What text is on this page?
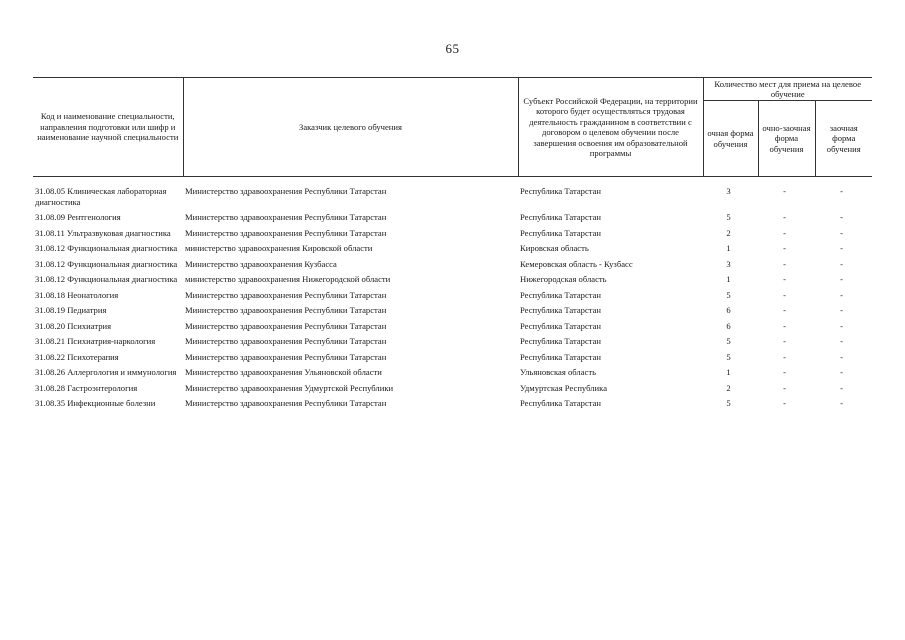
65
Код и наименование специальности, направления подготовки или шифр и наименование научной специальности	Заказчик целевого обучения	Субъект Российской Федерации, на территории которого будет осуществляться трудовая деятельность гражданином в соответствии с договором о целевом обучении после завершения освоения им образовательной программы	Количество мест для приема на целевое обучение		
			очная форма обучения	очно-заочная форма обучения	заочная форма обучения

31.08.05 Клиническая лабораторная диагностика	Министерство здравоохранения Республики Татарстан	Республика Татарстан	3	-	-
31.08.09 Рентгенология	Министерство здравоохранения Республики Татарстан	Республика Татарстан	5	-	-
31.08.11 Ультразвуковая диагностика	Министерство здравоохранения Республики Татарстан	Республика Татарстан	2	-	-
31.08.12 Функциональная диагностика	министерство здравоохранения Кировской области	Кировская область	1	-	-
31.08.12 Функциональная диагностика	Министерство здравоохранения Кузбасса	Кемеровская область - Кузбасс	3	-	-
31.08.12 Функциональная диагностика	министерство здравоохранения Нижегородской области	Нижегородская область	1	-	-
31.08.18 Неонатология	Министерство здравоохранения Республики Татарстан	Республика Татарстан	5	-	-
31.08.19 Педиатрия	Министерство здравоохранения Республики Татарстан	Республика Татарстан	6	-	-
31.08.20 Психиатрия	Министерство здравоохранения Республики Татарстан	Республика Татарстан	6	-	-
31.08.21 Психиатрия-наркология	Министерство здравоохранения Республики Татарстан	Республика Татарстан	5	-	-
31.08.22 Психотерапия	Министерство здравоохранения Республики Татарстан	Республика Татарстан	5	-	-
31.08.26 Аллергология и иммунология	Министерство здравоохранения Ульяновской области	Ульяновская область	1	-	-
31.08.28 Гастроэнтерология	Министерство здравоохранения Удмуртской Республики	Удмуртская Республика	2	-	-
31.08.35 Инфекционные болезни	Министерство здравоохранения Республики Татарстан	Республика Татарстан	5	-	-
